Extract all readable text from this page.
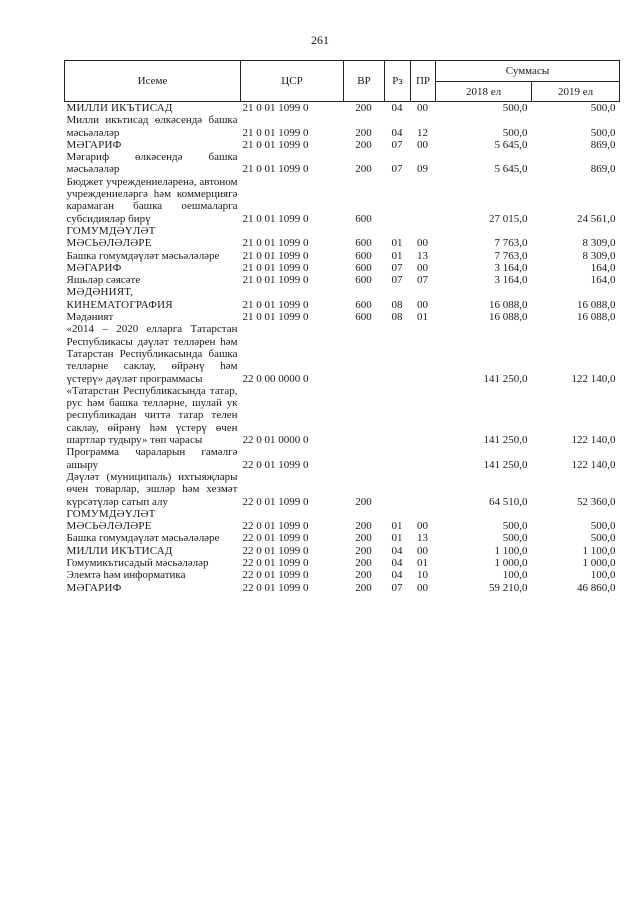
261
Исеме	ЦСР	ВР	Рз	ПР	Суммасы	
					2018 ел	2019 ел
МИЛЛИ ИКЪТИСАД	21 0 01 1099 0	200	04	00	500,0	500,0
Милли икътисад өлкәсендә башка мәсьәләләр	21 0 01 1099 0	200	04	12	500,0	500,0
МӘГАРИФ	21 0 01 1099 0	200	07	00	5 645,0	869,0
Мәгариф өлкәсендә башка мәсьәләләр	21 0 01 1099 0	200	07	09	5 645,0	869,0
Бюджет учреждениеләренә, автоном учреждениеләргә һәм коммерциягә карамаган башка оешмаларга субсидияләр бирү	21 0 01 1099 0	600			27 015,0	24 561,0
ГОМУМДӘҮЛӘТ МӘСЬӘЛӘЛӘРЕ	21 0 01 1099 0	600	01	00	7 763,0	8 309,0
Башка гомумдәүләт мәсьәләләре	21 0 01 1099 0	600	01	13	7 763,0	8 309,0
МӘГАРИФ	21 0 01 1099 0	600	07	00	3 164,0	164,0
Яшьләр сәясәте	21 0 01 1099 0	600	07	07	3 164,0	164,0
МӘДӘНИЯТ, КИНЕМАТОГРАФИЯ	21 0 01 1099 0	600	08	00	16 088,0	16 088,0
Мәдәният	21 0 01 1099 0	600	08	01	16 088,0	16 088,0
«2014 – 2020 елларга Татарстан Республикасы дәүләт телләрен һәм Татарстан Республикасында башка телләрне саклау, өйрәнү һәм үстерү» дәүләт программасы	22 0 00 0000 0				141 250,0	122 140,0
«Татарстан Республикасында татар, рус һәм башка телләрне, шулай ук республикадан читтә татар телен саклау, өйрәнү һәм үстерү өчен шартлар тудыру» төп чарасы	22 0 01 0000 0				141 250,0	122 140,0
Программа чараларын гамәлгә ашыру	22 0 01 1099 0				141 250,0	122 140,0
Дәүләт (муниципаль) ихтыяҗлары өчен товарлар, эшләр һәм хезмәт күрсәтүләр сатып алу	22 0 01 1099 0	200			64 510,0	52 360,0
ГОМУМДӘҮЛӘТ МӘСЬӘЛӘЛӘРЕ	22 0 01 1099 0	200	01	00	500,0	500,0
Башка гомумдәүләт мәсьәләләре	22 0 01 1099 0	200	01	13	500,0	500,0
МИЛЛИ ИКЪТИСАД	22 0 01 1099 0	200	04	00	1 100,0	1 100,0
Гомумикътисадый мәсьәләләр	22 0 01 1099 0	200	04	01	1 000,0	1 000,0
Элемтә һәм информатика	22 0 01 1099 0	200	04	10	100,0	100,0
МӘГАРИФ	22 0 01 1099 0	200	07	00	59 210,0	46 860,0
